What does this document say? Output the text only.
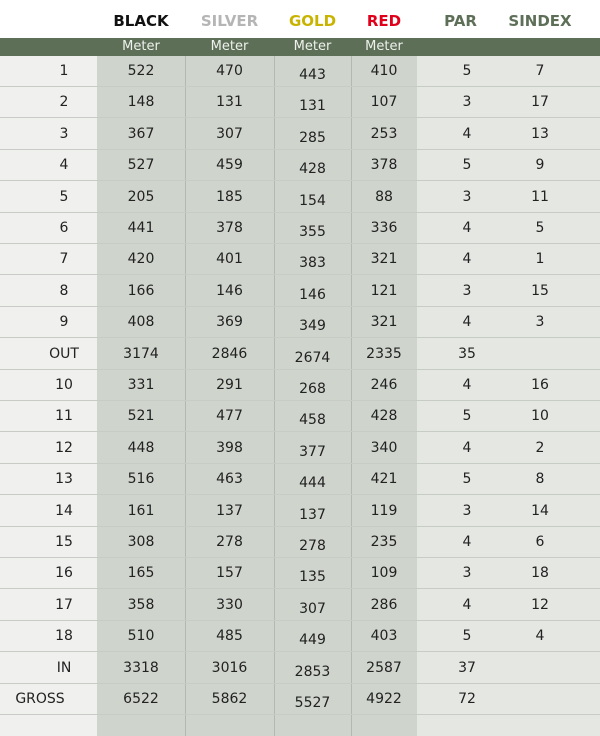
BLACK	SILVER	GOLD	RED	PAR	SINDEX
Meter	Meter	Meter	Meter
1	522	470	443	410	5	7
2	148	131	131	107	3	17
3	367	307	285	253	4	13
4	527	459	428	378	5	9
5	205	185	154	88	3	11
6	441	378	355	336	4	5
7	420	401	383	321	4	1
8	166	146	146	121	3	15
9	408	369	349	321	4	3
OUT	3174	2846	2674	2335	35
10	331	291	268	246	4	16
11	521	477	458	428	5	10
12	448	398	377	340	4	2
13	516	463	444	421	5	8
14	161	137	137	119	3	14
15	308	278	278	235	4	6
16	165	157	135	109	3	18
17	358	330	307	286	4	12
18	510	485	449	403	5	4
IN	3318	3016	2853	2587	37
GROSS	6522	5862	5527	4922	72
